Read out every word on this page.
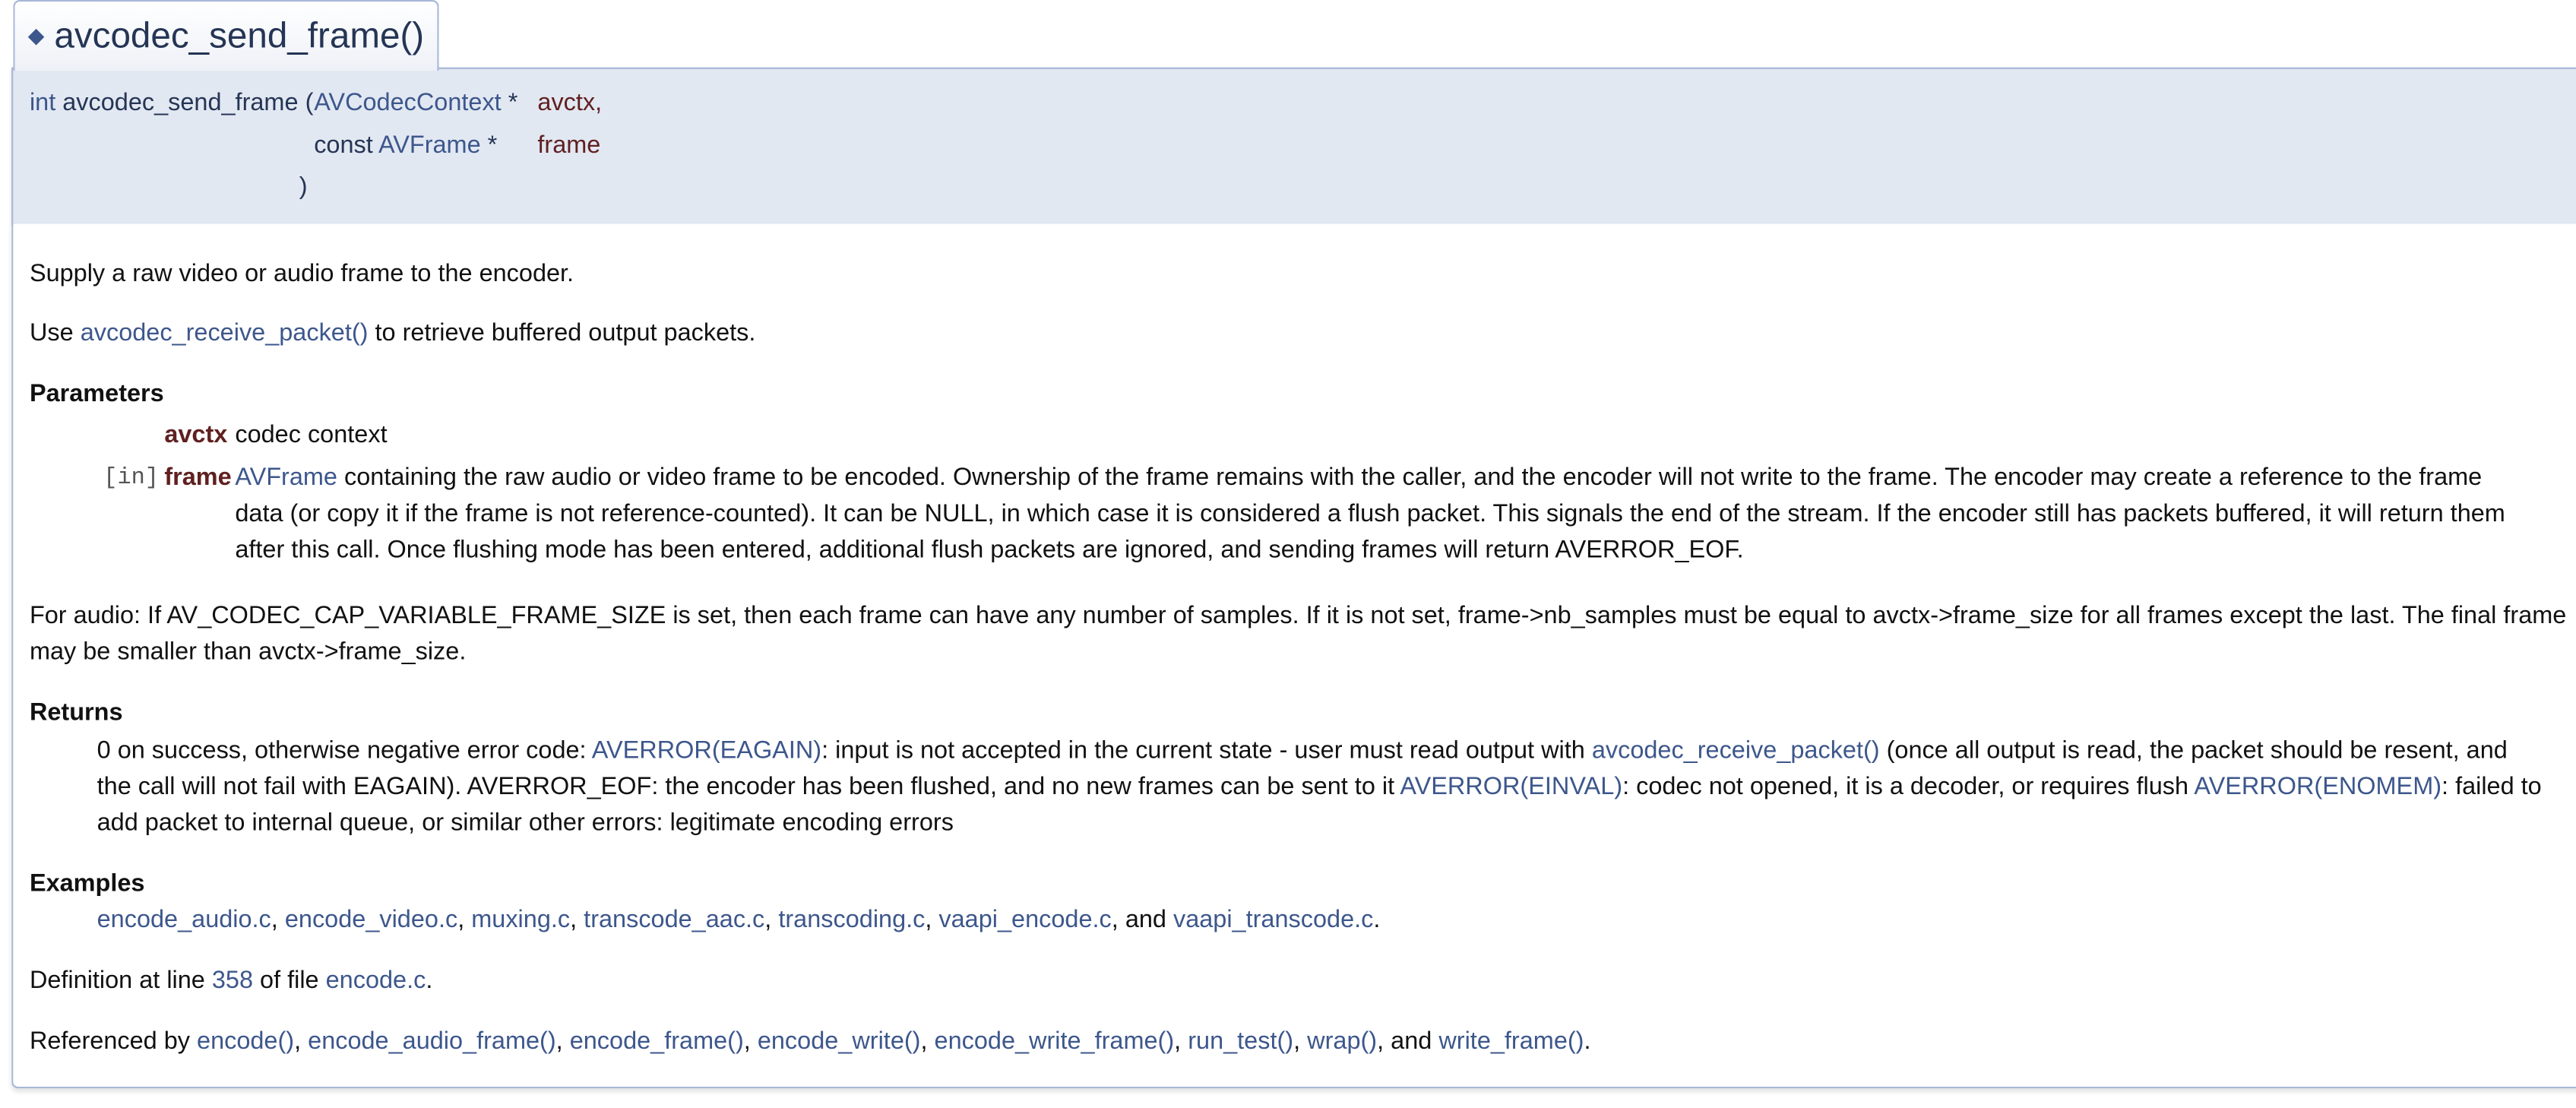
◆ avcodec_send_frame()
int avcodec_send_frame ( AVCodecContext * avctx,
const AVFrame *	frame
)
Supply a raw video or audio frame to the encoder.
Use avcodec_receive_packet() to retrieve buffered output packets.
Parameters
avctx codec context
[in] frame AVFrame containing the raw audio or video frame to be encoded. Ownership of the frame remains with the caller, and the encoder will not write to the frame. The encoder may create a reference to the frame
data (or copy it if the frame is not reference-counted). It can be NULL, in which case it is considered a flush packet. This signals the end of the stream. If the encoder still has packets buffered, it will return them
after this call. Once flushing mode has been entered, additional flush packets are ignored, and sending frames will return AVERROR_EOF.
For audio: If AV_CODEC_CAP_VARIABLE_FRAME_SIZE is set, then each frame can have any number of samples. If it is not set, frame->nb_samples must be equal to avctx->frame_size for all frames except the last. The final frame
may be smaller than avctx->frame_size.
Returns
0 on success, otherwise negative error code: AVERROR(EAGAIN): input is not accepted in the current state - user must read output with avcodec_receive_packet() (once all output is read, the packet should be resent, and
the call will not fail with EAGAIN). AVERROR_EOF: the encoder has been flushed, and no new frames can be sent to it AVERROR(EINVAL): codec not opened, it is a decoder, or requires flush AVERROR(ENOMEM): failed to
add packet to internal queue, or similar other errors: legitimate encoding errors
Examples
encode_audio.c, encode_video.c, muxing.c, transcode_aac.c, transcoding.c, vaapi_encode.c, and vaapi_transcode.c.
Definition at line 358 of file encode.c.
Referenced by encode(), encode_audio_frame(), encode_frame(), encode_write(), encode_write_frame(), run_test(), wrap(), and write_frame().
